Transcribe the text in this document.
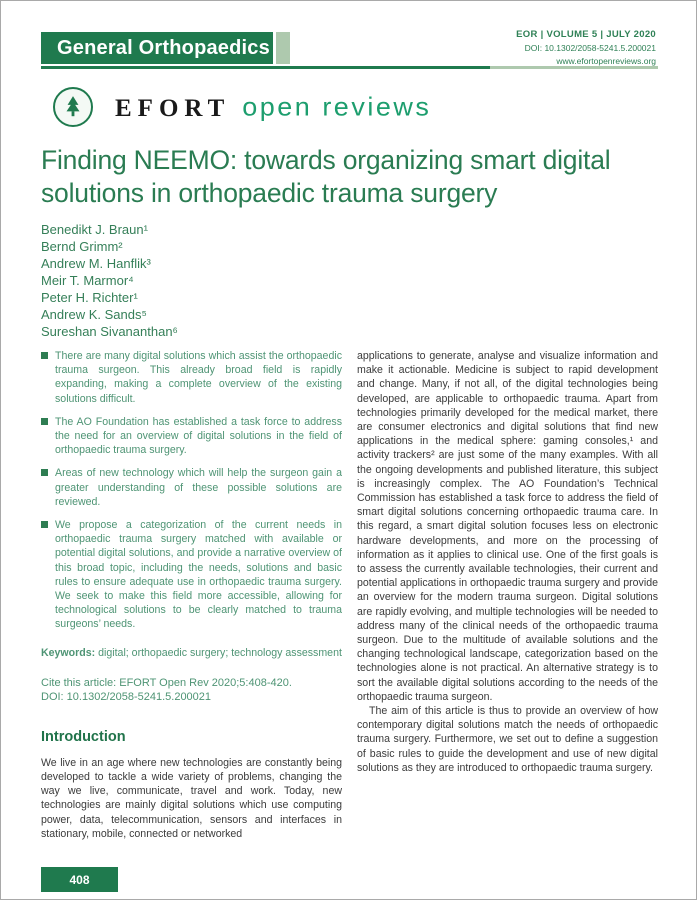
General Orthopaedics
EOR | VOLUME 5 | JULY 2020
DOI: 10.1302/2058-5241.5.200021
www.efortopenreviews.org
EFORT open reviews
Finding NEEMO: towards organizing smart digital solutions in orthopaedic trauma surgery
Benedikt J. Braun¹
Bernd Grimm²
Andrew M. Hanflik³
Meir T. Marmor⁴
Peter H. Richter¹
Andrew K. Sands⁵
Sureshan Sivananthan⁶
There are many digital solutions which assist the orthopaedic trauma surgeon. This already broad field is rapidly expanding, making a complete overview of the existing solutions difficult.
The AO Foundation has established a task force to address the need for an overview of digital solutions in the field of orthopaedic trauma surgery.
Areas of new technology which will help the surgeon gain a greater understanding of these possible solutions are reviewed.
We propose a categorization of the current needs in orthopaedic trauma surgery matched with available or potential digital solutions, and provide a narrative overview of this broad topic, including the needs, solutions and basic rules to ensure adequate use in orthopaedic trauma surgery. We seek to make this field more accessible, allowing for technological solutions to be clearly matched to trauma surgeons’ needs.
Keywords: digital; orthopaedic surgery; technology assessment
Cite this article: EFORT Open Rev 2020;5:408-420.
DOI: 10.1302/2058-5241.5.200021
Introduction

We live in an age where new technologies are constantly being developed to tackle a wide variety of problems, changing the way we live, communicate, travel and work. Today, new technologies are mainly digital solutions which use computing power, data, telecommunication, sensors and interfaces in stationary, mobile, connected or networked

applications to generate, analyse and visualize information and make it actionable. Medicine is subject to rapid development and change. Many, if not all, of the digital technologies being developed, are applicable to orthopaedic trauma. Apart from technologies primarily developed for the medical market, there are consumer electronics and digital solutions that find new applications in the medical sphere: gaming consoles,¹ and activity trackers² are just some of the many examples. With all the ongoing developments and published literature, this subject is increasingly complex. The AO Foundation’s Technical Commission has established a task force to address the field of smart digital solutions concerning orthopaedic trauma care. In this regard, a smart digital solution focuses less on electronic hardware developments, and more on the processing of information as it applies to clinical use. One of the first goals is to assess the currently available technologies, their current and potential applications in orthopaedic trauma surgery and provide an overview for the modern trauma surgeon. Digital solutions are rapidly evolving, and multiple technologies will be needed to address many of the clinical needs of the orthopaedic trauma surgeon. Due to the multitude of available solutions and the changing technological landscape, categorization based on the technologies alone is not practical. An alternative strategy is to sort the available digital solutions according to the needs of the orthopaedic trauma surgeon.

The aim of this article is thus to provide an overview of how contemporary digital solutions match the needs of orthopaedic trauma surgery. Furthermore, we set out to define a suggestion of basic rules to guide the development and use of new digital solutions as they are introduced to orthopaedic trauma surgery.

408
